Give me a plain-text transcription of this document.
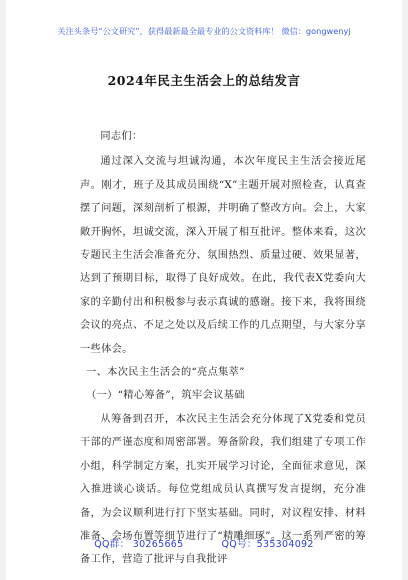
关注头条号“公文研究”，获得最新最全最专业的公文资料库！ 微信：gongwenyj
2024年民主生活会上的总结发言

同志们：

通过深入交流与坦诚沟通，本次年度民主生活会接近尾声。刚才，班子及其成员围绕“X”主题开展对照检查，认真查摆了问题，深刻剖析了根源，并明确了整改方向。会上，大家敞开胸怀，坦诚交流，深入开展了相互批评。整体来看，这次专题民主生活会准备充分、氛围热烈、质量过硬、效果显著，达到了预期目标，取得了良好成效。在此，我代表X党委向大家的辛勤付出和积极参与表示真诚的感谢。接下来，我将围绕会议的亮点、不足之处以及后续工作的几点期望，与大家分享一些体会。

一、本次民主生活会的“亮点集萃”

（一）“精心筹备”，筑牢会议基础

从筹备到召开，本次民主生活会充分体现了X党委和党员干部的严谨态度和周密部署。筹备阶段，我们组建了专项工作小组，科学制定方案，扎实开展学习讨论，全面征求意见，深入推进谈心谈话。每位党组成员认真撰写发言提纲，充分准备，为会议顺利进行打下坚实基础。同时，对议程安排、材料准备、会场布置等细节进行了“精雕细琢”。这一系列严密的筹备工作，营造了批评与自我批评

QQ群： 30265665	QQ号：535304092
